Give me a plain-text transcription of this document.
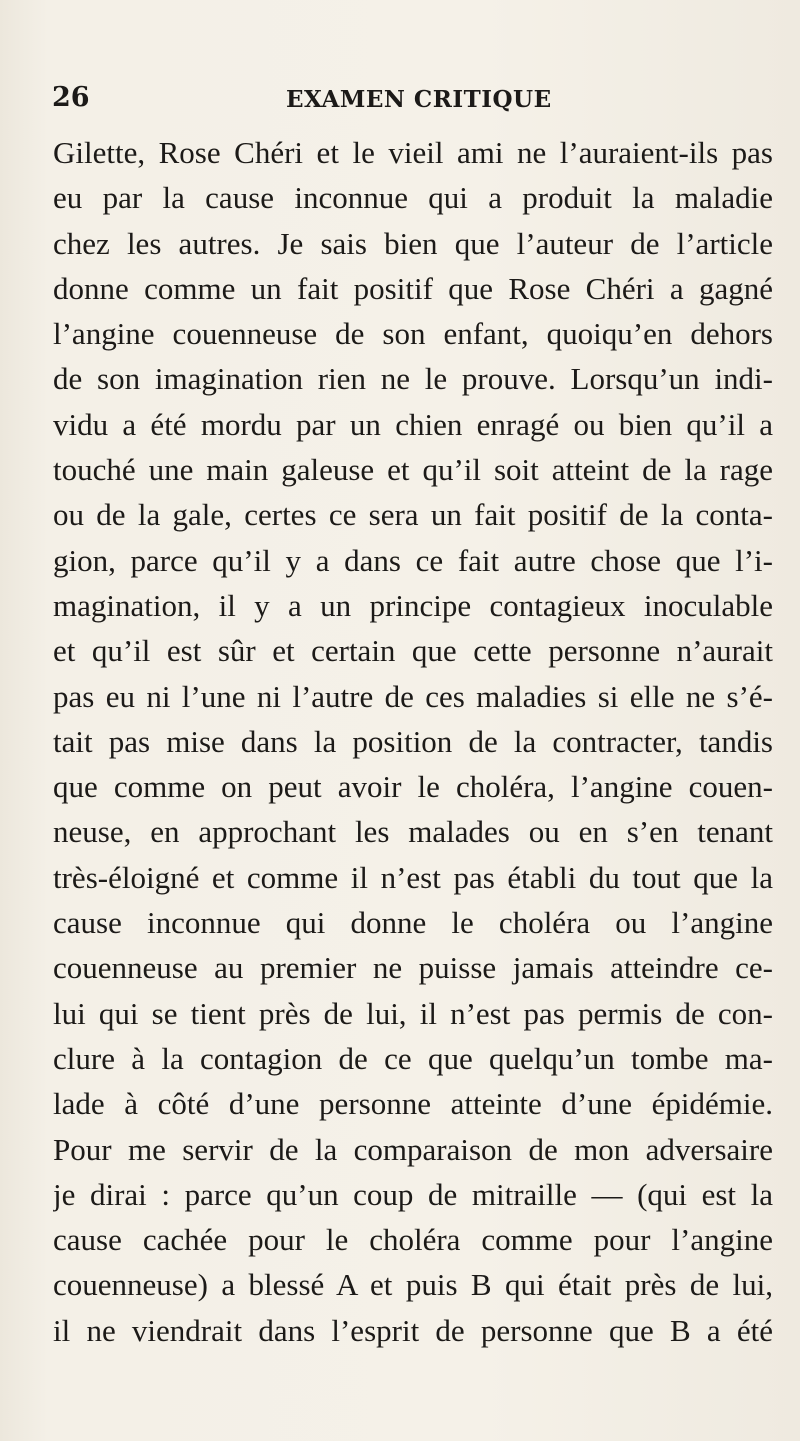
26	EXAMEN CRITIQUE
Gilette, Rose Chéri et le vieil ami ne l’auraient-ils pas
eu par la cause inconnue qui a produit la maladie
chez les autres. Je sais bien que l’auteur de l’article
donne comme un fait positif que Rose Chéri a gagné
l’angine couenneuse de son enfant, quoiqu’en dehors
de son imagination rien ne le prouve. Lorsqu’un indi-
vidu a été mordu par un chien enragé ou bien qu’il a
touché une main galeuse et qu’il soit atteint de la rage
ou de la gale, certes ce sera un fait positif de la conta-
gion, parce qu’il y a dans ce fait autre chose que l’i-
magination, il y a un principe contagieux inoculable
et qu’il est sûr et certain que cette personne n’aurait
pas eu ni l’une ni l’autre de ces maladies si elle ne s’é-
tait pas mise dans la position de la contracter, tandis
que comme on peut avoir le choléra, l’angine couen-
neuse, en approchant les malades ou en s’en tenant
très-éloigné et comme il n’est pas établi du tout que la
cause inconnue qui donne le choléra ou l’angine
couenneuse au premier ne puisse jamais atteindre ce-
lui qui se tient près de lui, il n’est pas permis de con-
clure à la contagion de ce que quelqu’un tombe ma-
lade à côté d’une personne atteinte d’une épidémie.
Pour me servir de la comparaison de mon adversaire
je dirai : parce qu’un coup de mitraille — (qui est la
cause cachée pour le choléra comme pour l’angine
couenneuse) a blessé A et puis B qui était près de lui,
il ne viendrait dans l’esprit de personne que B a été
